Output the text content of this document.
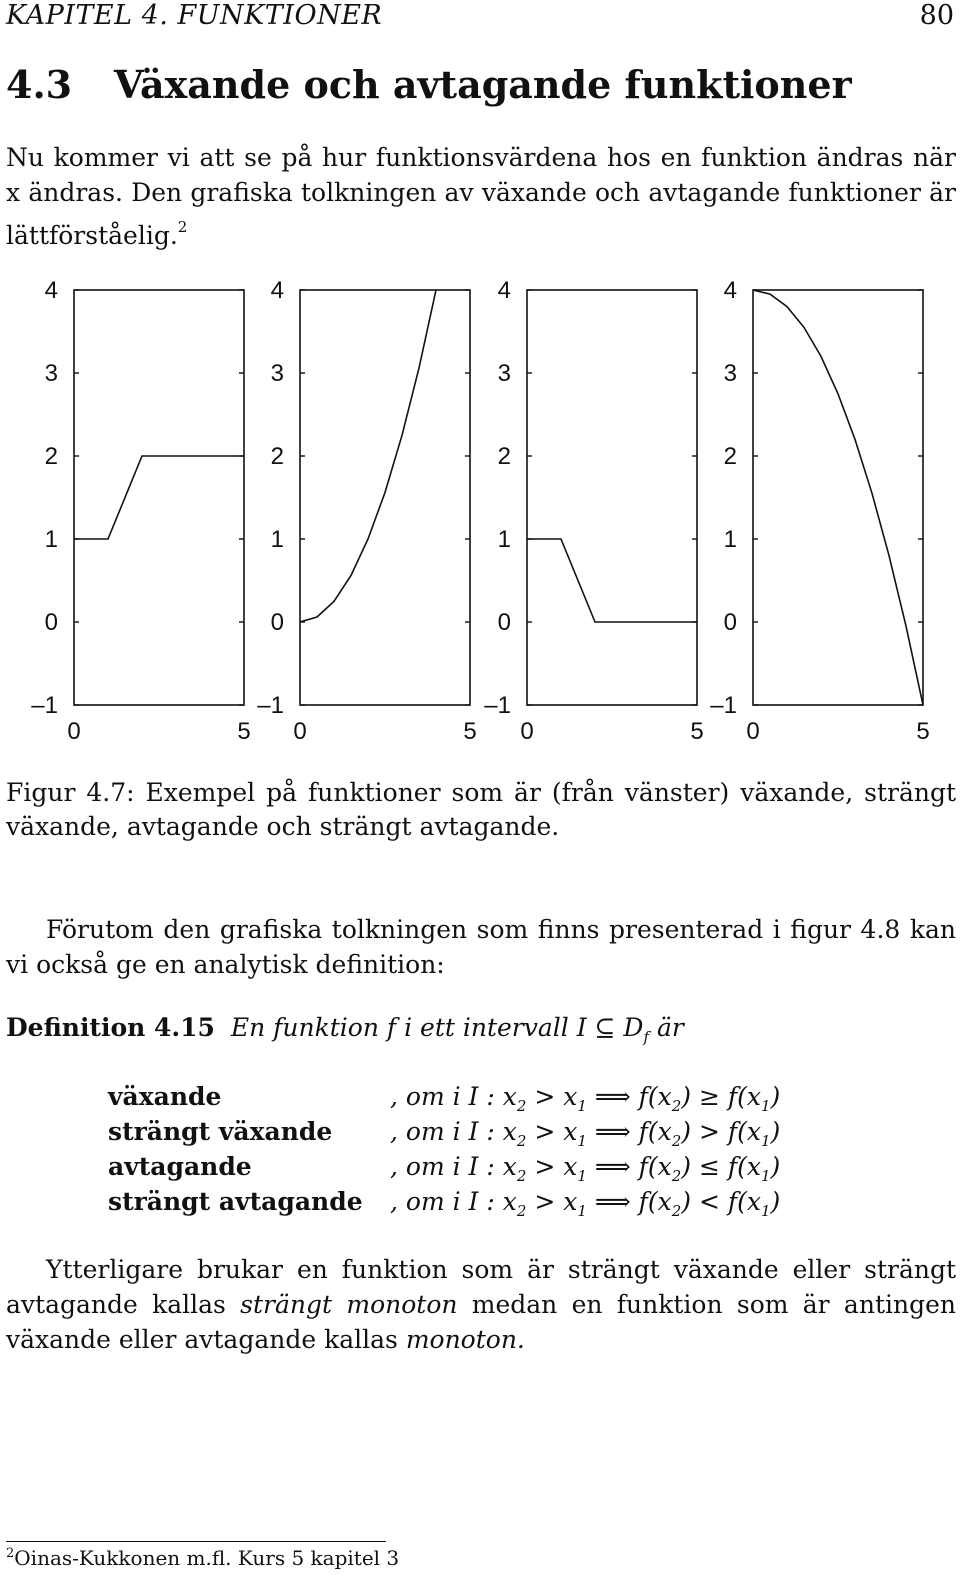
KAPITEL 4. FUNKTIONER	80
4.3 Växande och avtagande funktioner
Nu kommer vi att se på hur funktionsvärdena hos en funktion ändras när x ändras. Den grafiska tolkningen av växande och avtagande funktioner är lättförståelig.$^2$
4
3
2
1
0
–1
0	5
4
3
2
1
0
–1
0	5
4
3
2
1
0
–1
0	5
4
3
2
1
0
–1
0	5
Figur 4.7: Exempel på funktioner som är (från vänster) växande, strängt växande, avtagande och strängt avtagande.
Förutom den grafiska tolkningen som finns presenterad i figur 4.8 kan vi också ge en analytisk definition:
Definition 4.15 En funktion f i ett intervall I ⊆ $D_f$ är
växande	, om i I : $x_2 > x_1$ ⟹ $f(x_2) \ge f(x_1)$
strängt växande , om i I : $x_2 > x_1$ ⟹ $f(x_2) > f(x_1)$
avtagande	, om i I : $x_2 > x_1$ ⟹ $f(x_2) \le f(x_1)$
strängt avtagande , om i I : $x_2 > x_1$ ⟹ $f(x_2) < f(x_1)$
Ytterligare brukar en funktion som är strängt växande eller strängt avtagande kallas strängt monoton medan en funktion som är antingen växande eller avtagande kallas monoton.
$^2$Oinas-Kukkonen m.fl. Kurs 5 kapitel 3
